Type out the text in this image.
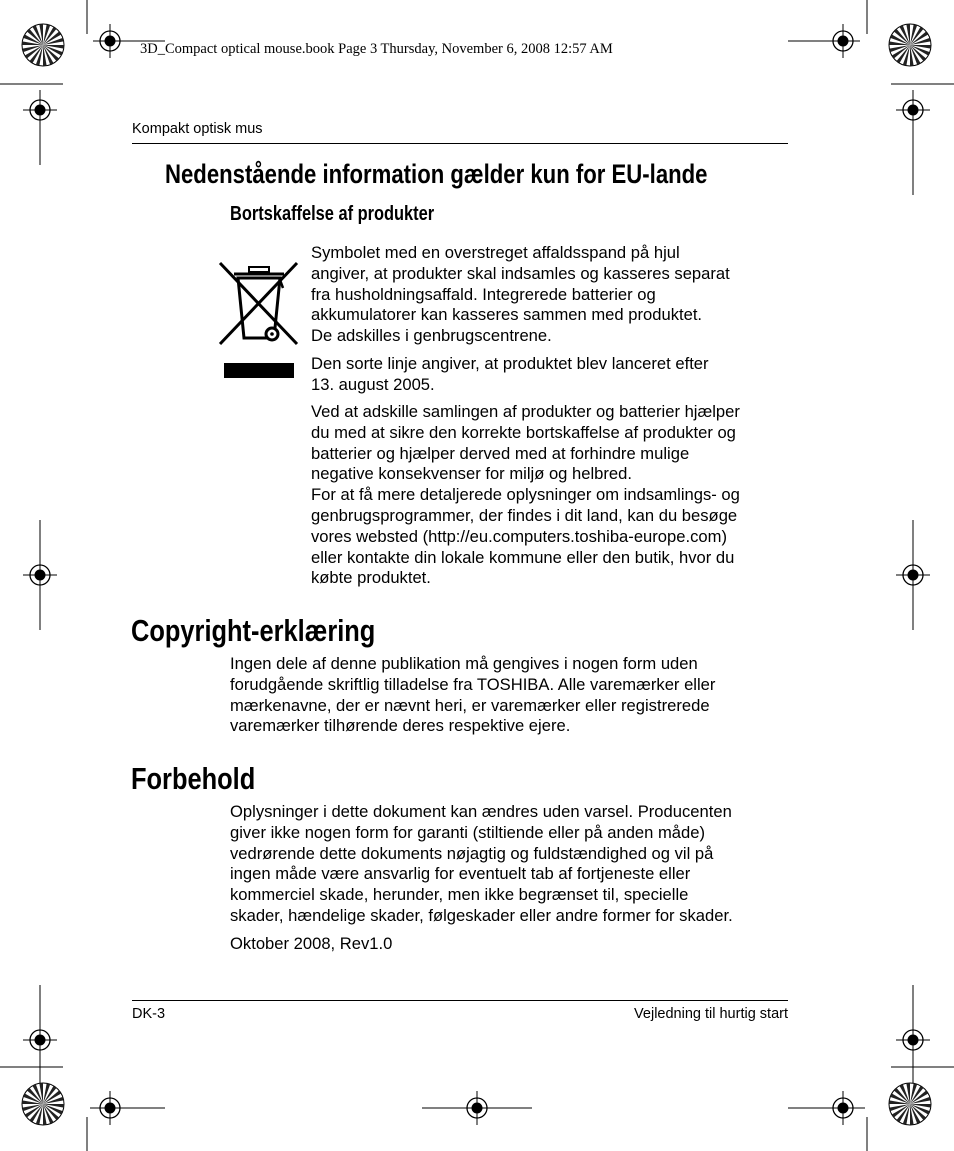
3D_Compact optical mouse.book Page 3 Thursday, November 6, 2008 12:57 AM
Kompakt optisk mus
Nedenstående information gælder kun for EU-lande
Bortskaffelse af produkter
Symbolet med en overstreget affaldsspand på hjul
angiver, at produkter skal indsamles og kasseres separat
fra husholdningsaffald. Integrerede batterier og
akkumulatorer kan kasseres sammen med produktet.
De adskilles i genbrugscentrene.
Den sorte linje angiver, at produktet blev lanceret efter
13. august 2005.
Ved at adskille samlingen af produkter og batterier hjælper
du med at sikre den korrekte bortskaffelse af produkter og
batterier og hjælper derved med at forhindre mulige
negative konsekvenser for miljø og helbred.
For at få mere detaljerede oplysninger om indsamlings- og
genbrugsprogrammer, der findes i dit land, kan du besøge
vores websted (http://eu.computers.toshiba-europe.com)
eller kontakte din lokale kommune eller den butik, hvor du
købte produktet.
Copyright-erklæring
Ingen dele af denne publikation må gengives i nogen form uden
forudgående skriftlig tilladelse fra TOSHIBA. Alle varemærker eller
mærkenavne, der er nævnt heri, er varemærker eller registrerede
varemærker tilhørende deres respektive ejere.
Forbehold
Oplysninger i dette dokument kan ændres uden varsel. Producenten
giver ikke nogen form for garanti (stiltiende eller på anden måde)
vedrørende dette dokuments nøjagtig og fuldstændighed og vil på
ingen måde være ansvarlig for eventuelt tab af fortjeneste eller
kommerciel skade, herunder, men ikke begrænset til, specielle
skader, hændelige skader, følgeskader eller andre former for skader.
Oktober 2008, Rev1.0
DK-3	Vejledning til hurtig start
